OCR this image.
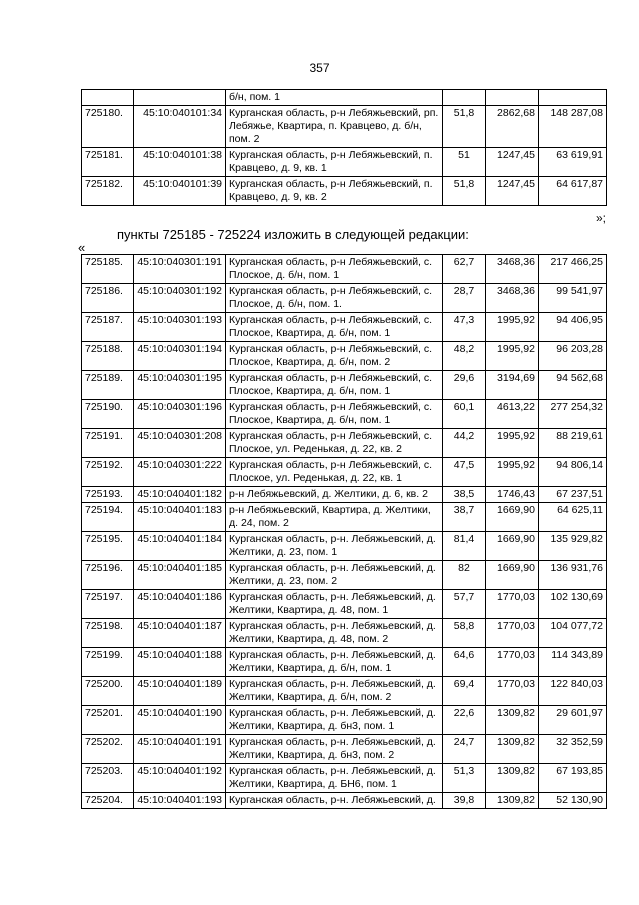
357
		б/н, пом. 1			
725180.	45:10:040101:34	Курганская область, р-н Лебяжьевский, рп. Лебяжье, Квартира, п. Кравцево, д. б/н, пом. 2	51,8	2862,68	148 287,08
725181.	45:10:040101:38	Курганская область, р-н Лебяжьевский, п. Кравцево, д. 9, кв. 1	51	1247,45	63 619,91
725182.	45:10:040101:39	Курганская область, р-н Лебяжьевский, п. Кравцево, д. 9, кв. 2	51,8	1247,45	64 617,87
»;
пункты 725185 - 725224 изложить в следующей редакции:
«
725185.	45:10:040301:191	Курганская область, р-н Лебяжьевский, с. Плоское, д. б/н, пом. 1	62,7	3468,36	217 466,25
725186.	45:10:040301:192	Курганская область, р-н Лебяжьевский, с. Плоское, д. б/н, пом. 1.	28,7	3468,36	99 541,97
725187.	45:10:040301:193	Курганская область, р-н Лебяжьевский, с. Плоское, Квартира, д. б/н, пом. 1	47,3	1995,92	94 406,95
725188.	45:10:040301:194	Курганская область, р-н Лебяжьевский, с. Плоское, Квартира, д. б/н, пом. 2	48,2	1995,92	96 203,28
725189.	45:10:040301:195	Курганская область, р-н Лебяжьевский, с. Плоское, Квартира, д. б/н, пом. 1	29,6	3194,69	94 562,68
725190.	45:10:040301:196	Курганская область, р-н Лебяжьевский, с. Плоское, Квартира, д. б/н, пом. 1	60,1	4613,22	277 254,32
725191.	45:10:040301:208	Курганская область, р-н Лебяжьевский, с. Плоское, ул. Реденькая, д. 22, кв. 2	44,2	1995,92	88 219,61
725192.	45:10:040301:222	Курганская область, р-н Лебяжьевский, с. Плоское, ул. Реденькая, д. 22, кв. 1	47,5	1995,92	94 806,14
725193.	45:10:040401:182	р-н Лебяжьевский, д. Желтики, д. 6, кв. 2	38,5	1746,43	67 237,51
725194.	45:10:040401:183	р-н Лебяжьевский, Квартира, д. Желтики, д. 24, пом. 2	38,7	1669,90	64 625,11
725195.	45:10:040401:184	Курганская область, р-н. Лебяжьевский, д. Желтики, д. 23, пом. 1	81,4	1669,90	135 929,82
725196.	45:10:040401:185	Курганская область, р-н. Лебяжьевский, д. Желтики, д. 23, пом. 2	82	1669,90	136 931,76
725197.	45:10:040401:186	Курганская область, р-н. Лебяжьевский, д. Желтики, Квартира, д. 48, пом. 1	57,7	1770,03	102 130,69
725198.	45:10:040401:187	Курганская область, р-н. Лебяжьевский, д. Желтики, Квартира, д. 48, пом. 2	58,8	1770,03	104 077,72
725199.	45:10:040401:188	Курганская область, р-н. Лебяжьевский, д. Желтики, Квартира, д. б/н, пом. 1	64,6	1770,03	114 343,89
725200.	45:10:040401:189	Курганская область, р-н. Лебяжьевский, д. Желтики, Квартира, д. б/н, пом. 2	69,4	1770,03	122 840,03
725201.	45:10:040401:190	Курганская область, р-н. Лебяжьевский, д. Желтики, Квартира, д. бн3, пом. 1	22,6	1309,82	29 601,97
725202.	45:10:040401:191	Курганская область, р-н. Лебяжьевский, д. Желтики, Квартира, д. бн3, пом. 2	24,7	1309,82	32 352,59
725203.	45:10:040401:192	Курганская область, р-н. Лебяжьевский, д. Желтики, Квартира, д. БН6, пом. 1	51,3	1309,82	67 193,85
725204.	45:10:040401:193	Курганская область, р-н. Лебяжьевский, д.	39,8	1309,82	52 130,90
